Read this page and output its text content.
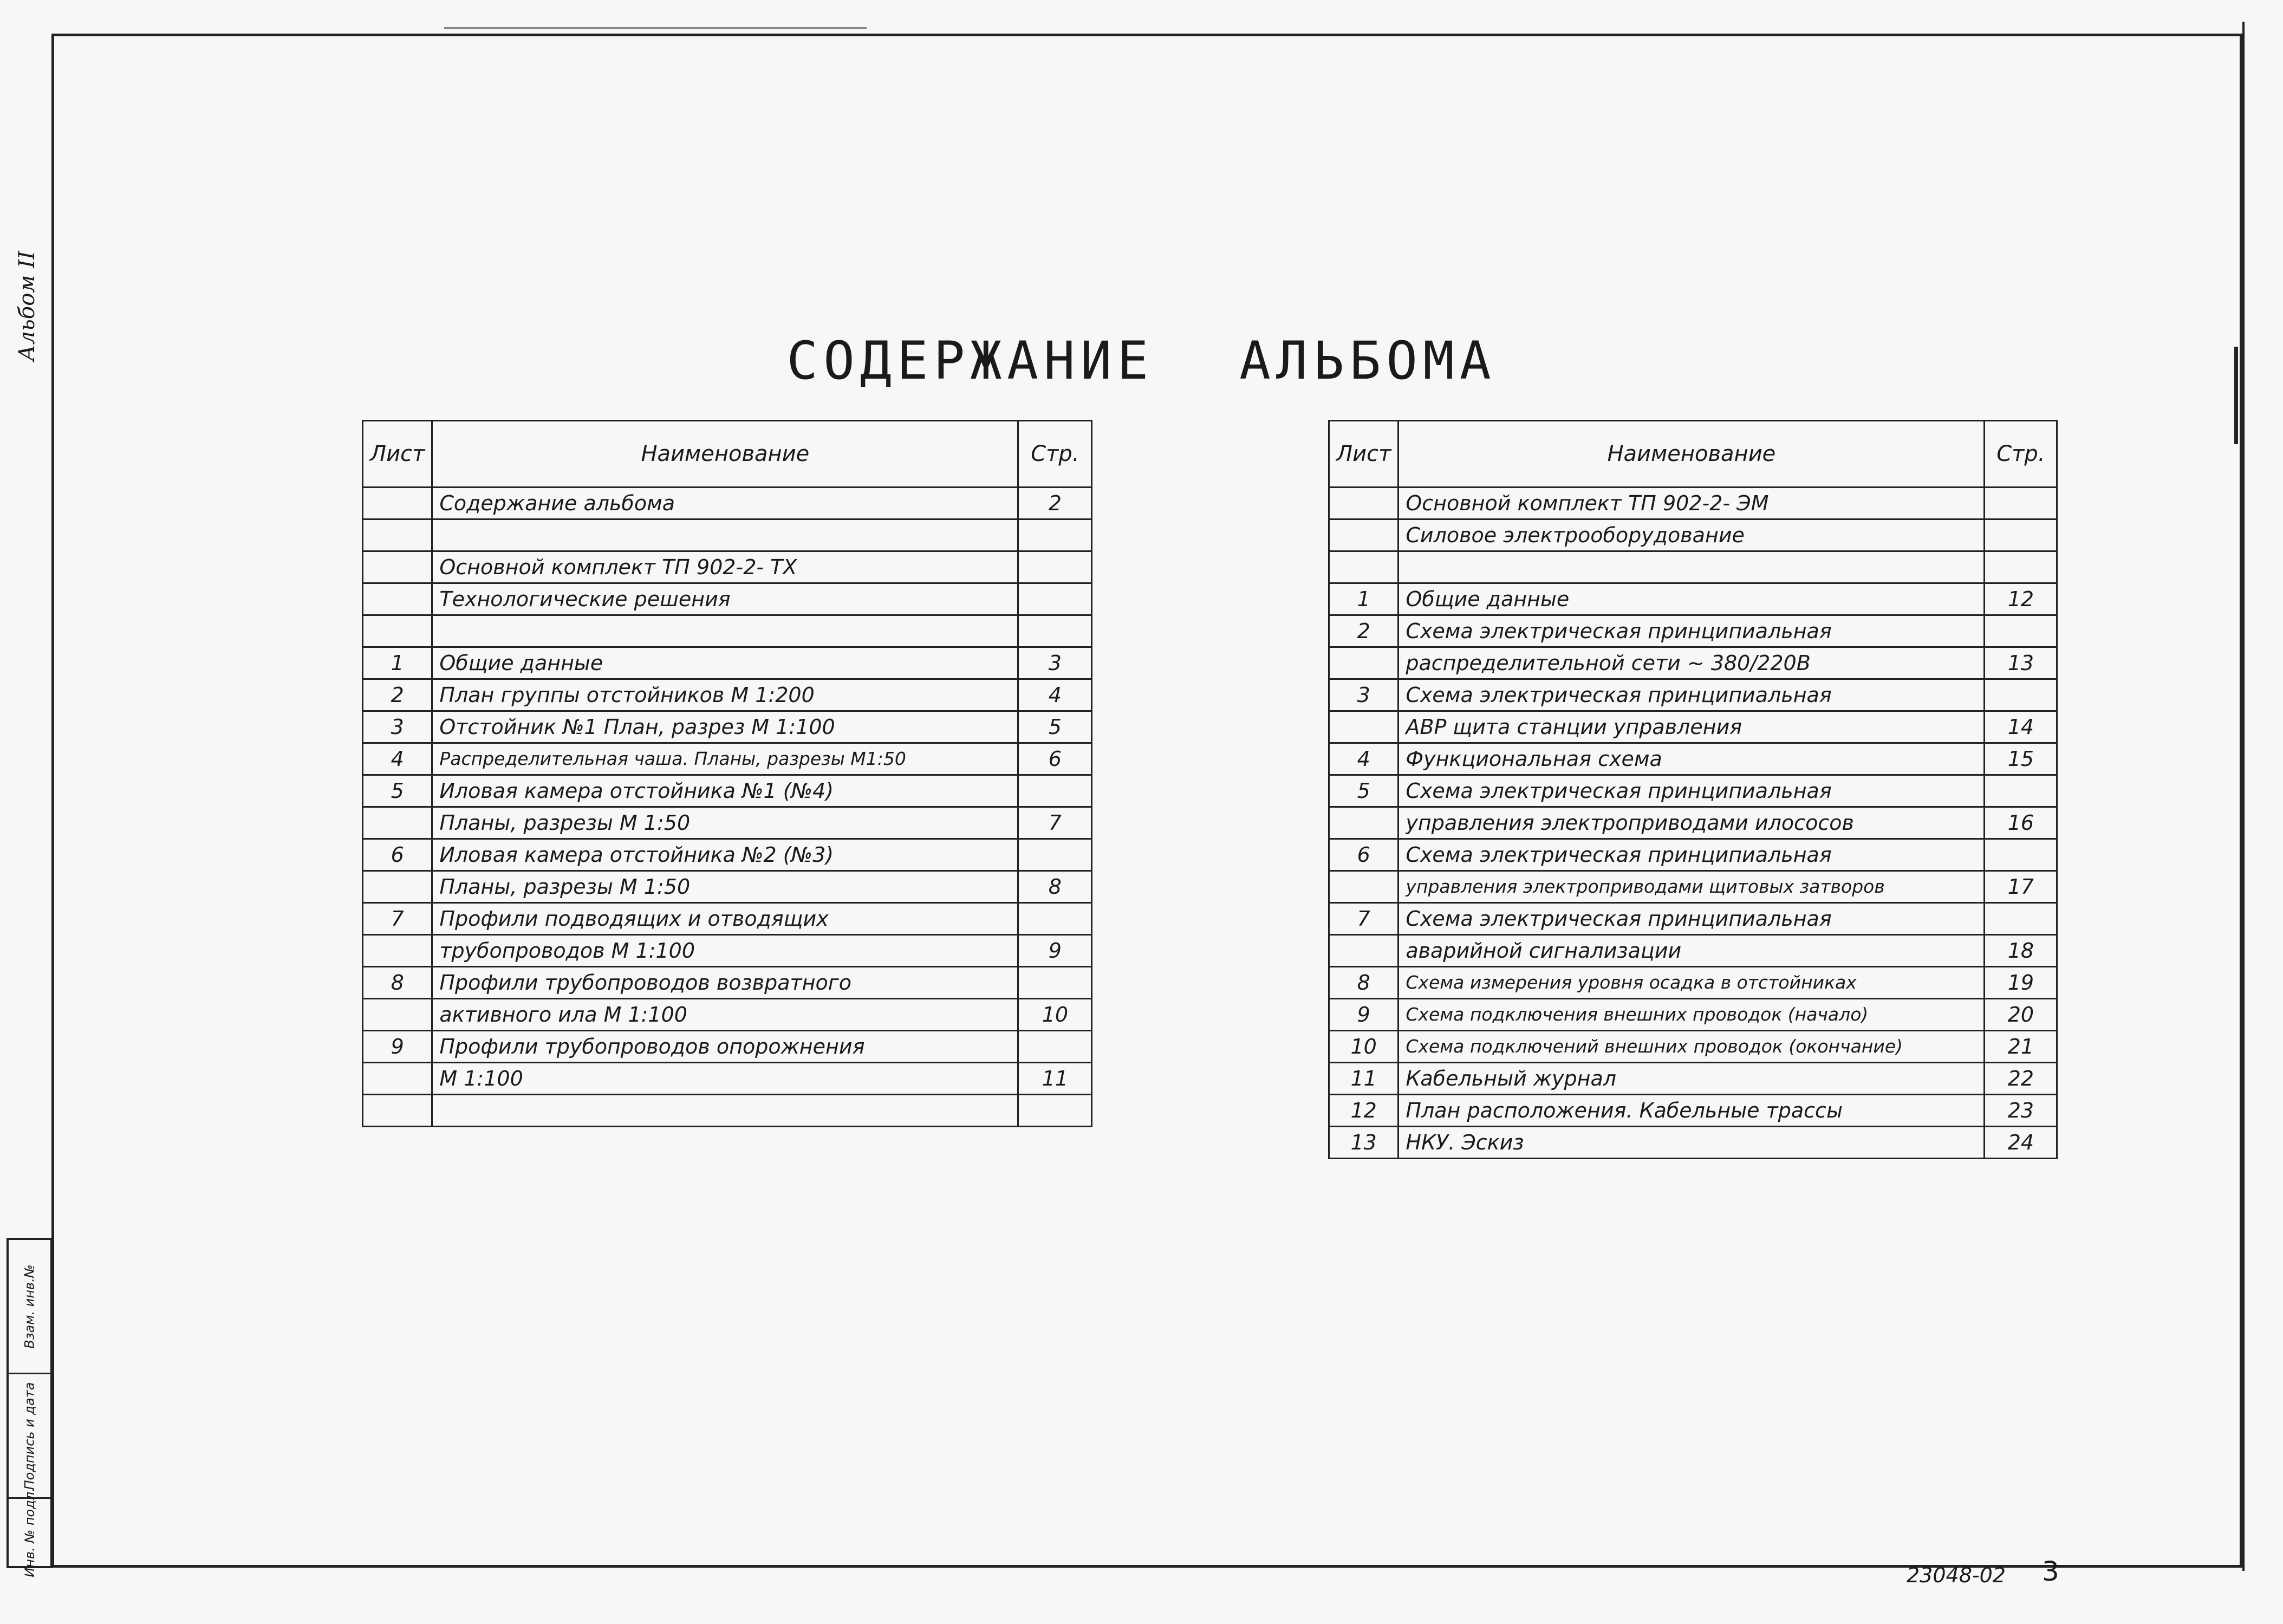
Альбом II
Взам. инв.№
Подпись и дата
Инв. № подл.
СОДЕРЖАНИЕ АЛЬБОМА
Лист	Наименование	Стр.
	Содержание альбома	2

	Основной комплект ТП 902-2- ТХ	
	Технологические решения	

1	Общие данные	3
2	План группы отстойников М 1:200	4
3	Отстойник №1 План, разрез М 1:100	5
4	Распределительная чаша. Планы, разрезы М1:50	6
5	Иловая камера отстойника №1 (№4)	
	Планы, разрезы М 1:50	7
6	Иловая камера отстойника №2 (№3)	
	Планы, разрезы М 1:50	8
7	Профили подводящих и отводящих	
	трубопроводов М 1:100	9
8	Профили трубопроводов возвратного	
	активного ила М 1:100	10
9	Профили трубопроводов опорожнения	
	М 1:100	11

Лист	Наименование	Стр.
	Основной комплект ТП 902-2- ЭМ	
	Силовое электрооборудование	

1	Общие данные	12
2	Схема электрическая принципиальная	
	распределительной сети ~ 380/220В	13
3	Схема электрическая принципиальная	
	АВР щита станции управления	14
4	Функциональная схема	15
5	Схема электрическая принципиальная	
	управления электроприводами илососов	16
6	Схема электрическая принципиальная	
	управления электроприводами щитовых затворов	17
7	Схема электрическая принципиальная	
	аварийной сигнализации	18
8	Схема измерения уровня осадка в отстойниках	19
9	Схема подключения внешних проводок (начало)	20
10	Схема подключений внешних проводок (окончание)	21
11	Кабельный журнал	22
12	План расположения. Кабельные трассы	23
13	НКУ. Эскиз	24
23048-02 3
